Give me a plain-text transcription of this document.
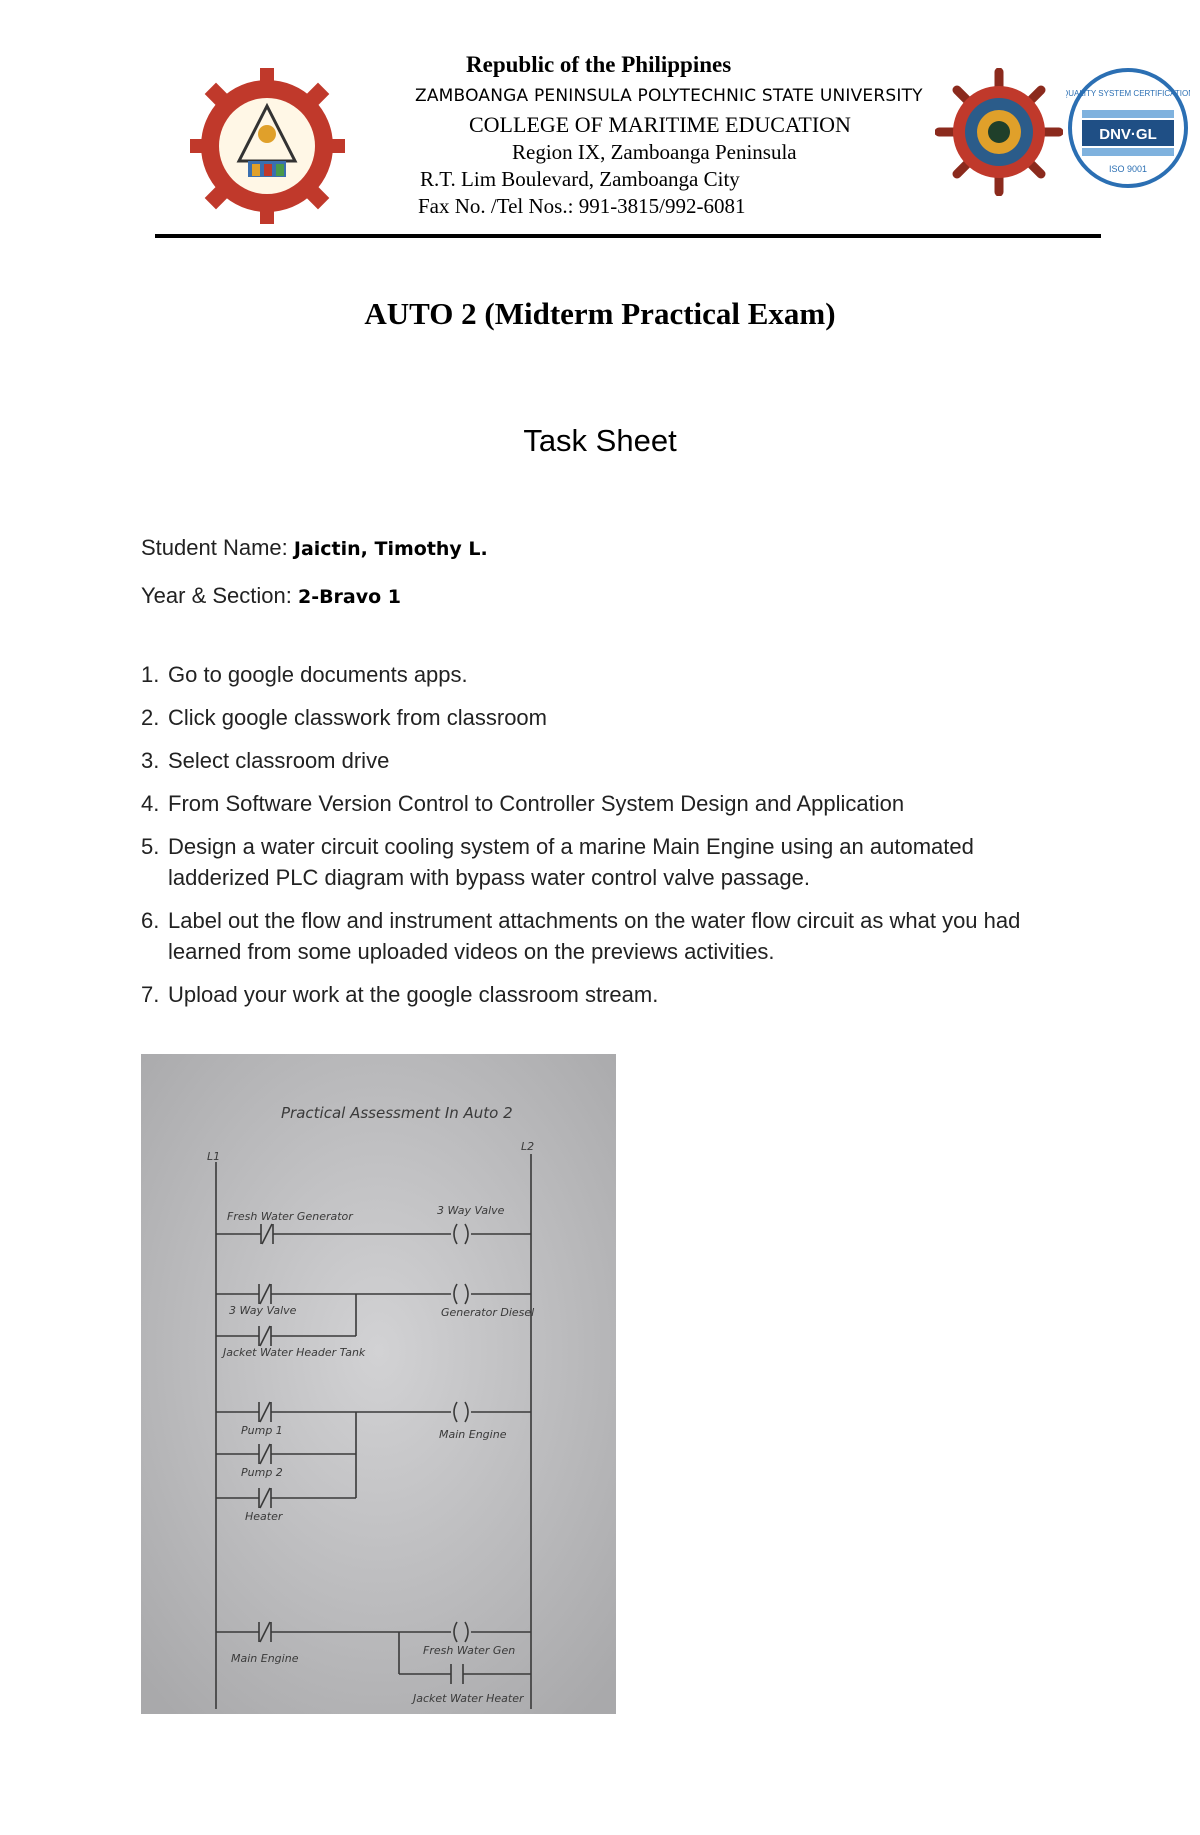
Republic of the Philippines
ZAMBOANGA PENINSULA POLYTECHNIC STATE UNIVERSITY
COLLEGE OF MARITIME EDUCATION
Region IX, Zamboanga Peninsula
R.T. Lim Boulevard, Zamboanga City
Fax No. /Tel Nos.: 991-3815/992-6081
DNV·GL
ISO 9001
QUALITY SYSTEM CERTIFICATION
AUTO 2 (Midterm Practical Exam)
Task Sheet
Student Name: Jaictin, Timothy L.
Year & Section: 2-Bravo 1
1. Go to google documents apps.
2. Click google classwork from classroom
3. Select classroom drive
4. From Software Version Control to Controller System Design and Application
5. Design a water circuit cooling system of a marine Main Engine using an automated ladderized PLC diagram with bypass water control valve passage.
6. Label out the flow and instrument attachments on the water flow circuit as what you had learned from some uploaded videos on the previews activities.
7. Upload your work at the google classroom stream.
Practical Assessment In Auto 2
L1
L2
Fresh Water Generator	3 Way Valve
3 Way Valve
Jacket Water Header Tank
Generator Diesel
Pump 1
Pump 2
Heater
Main Engine
Main Engine
Fresh Water Gen
Jacket Water Heater
